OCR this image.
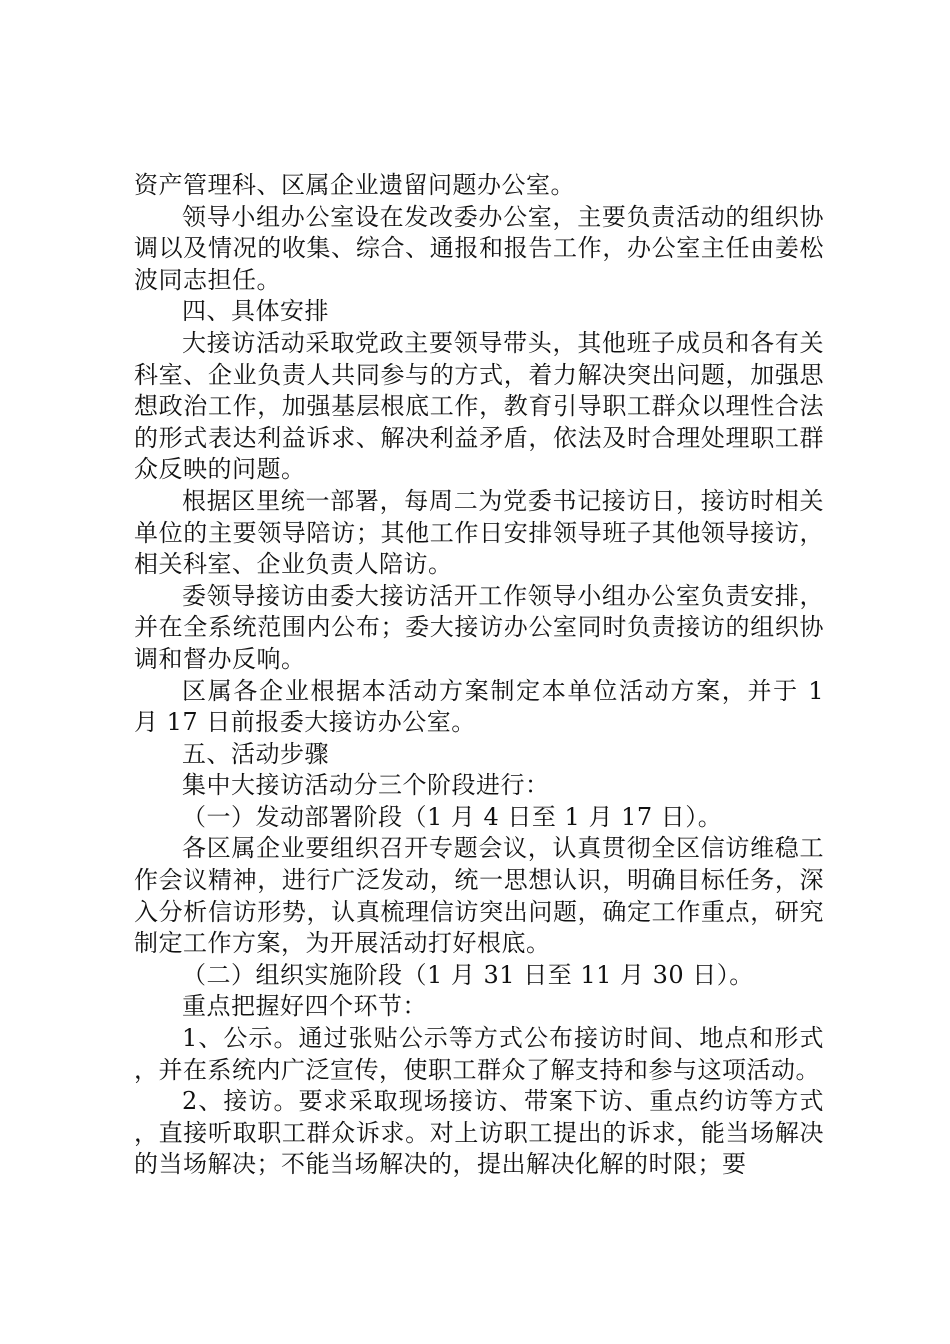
资产管理科、区属企业遗留问题办公室。

领导小组办公室设在发改委办公室，主要负责活动的组织协调以及情况的收集、综合、通报和报告工作，办公室主任由姜松波同志担任。

四、具体安排

大接访活动采取党政主要领导带头，其他班子成员和各有关科室、企业负责人共同参与的方式，着力解决突出问题，加强思想政治工作，加强基层根底工作，教育引导职工群众以理性合法的形式表达利益诉求、解决利益矛盾，依法及时合理处理职工群众反映的问题。

根据区里统一部署，每周二为党委书记接访日，接访时相关单位的主要领导陪访；其他工作日安排领导班子其他领导接访，相关科室、企业负责人陪访。

委领导接访由委大接访活开工作领导小组办公室负责安排，并在全系统范围内公布；委大接访办公室同时负责接访的组织协调和督办反响。

区属各企业根据本活动方案制定本单位活动方案，并于 1 月 17 日前报委大接访办公室。

五、活动步骤

集中大接访活动分三个阶段进行：

（一）发动部署阶段（1 月 4 日至 1 月 17 日）。

各区属企业要组织召开专题会议，认真贯彻全区信访维稳工作会议精神，进行广泛发动，统一思想认识，明确目标任务，深入分析信访形势，认真梳理信访突出问题，确定工作重点，研究制定工作方案，为开展活动打好根底。

（二）组织实施阶段（1 月 31 日至 11 月 30 日）。

重点把握好四个环节：

1、公示。通过张贴公示等方式公布接访时间、地点和形式，并在系统内广泛宣传，使职工群众了解支持和参与这项活动。

2、接访。要求采取现场接访、带案下访、重点约访等方式，直接听取职工群众诉求。对上访职工提出的诉求，能当场解决的当场解决；不能当场解决的，提出解决化解的时限；要
